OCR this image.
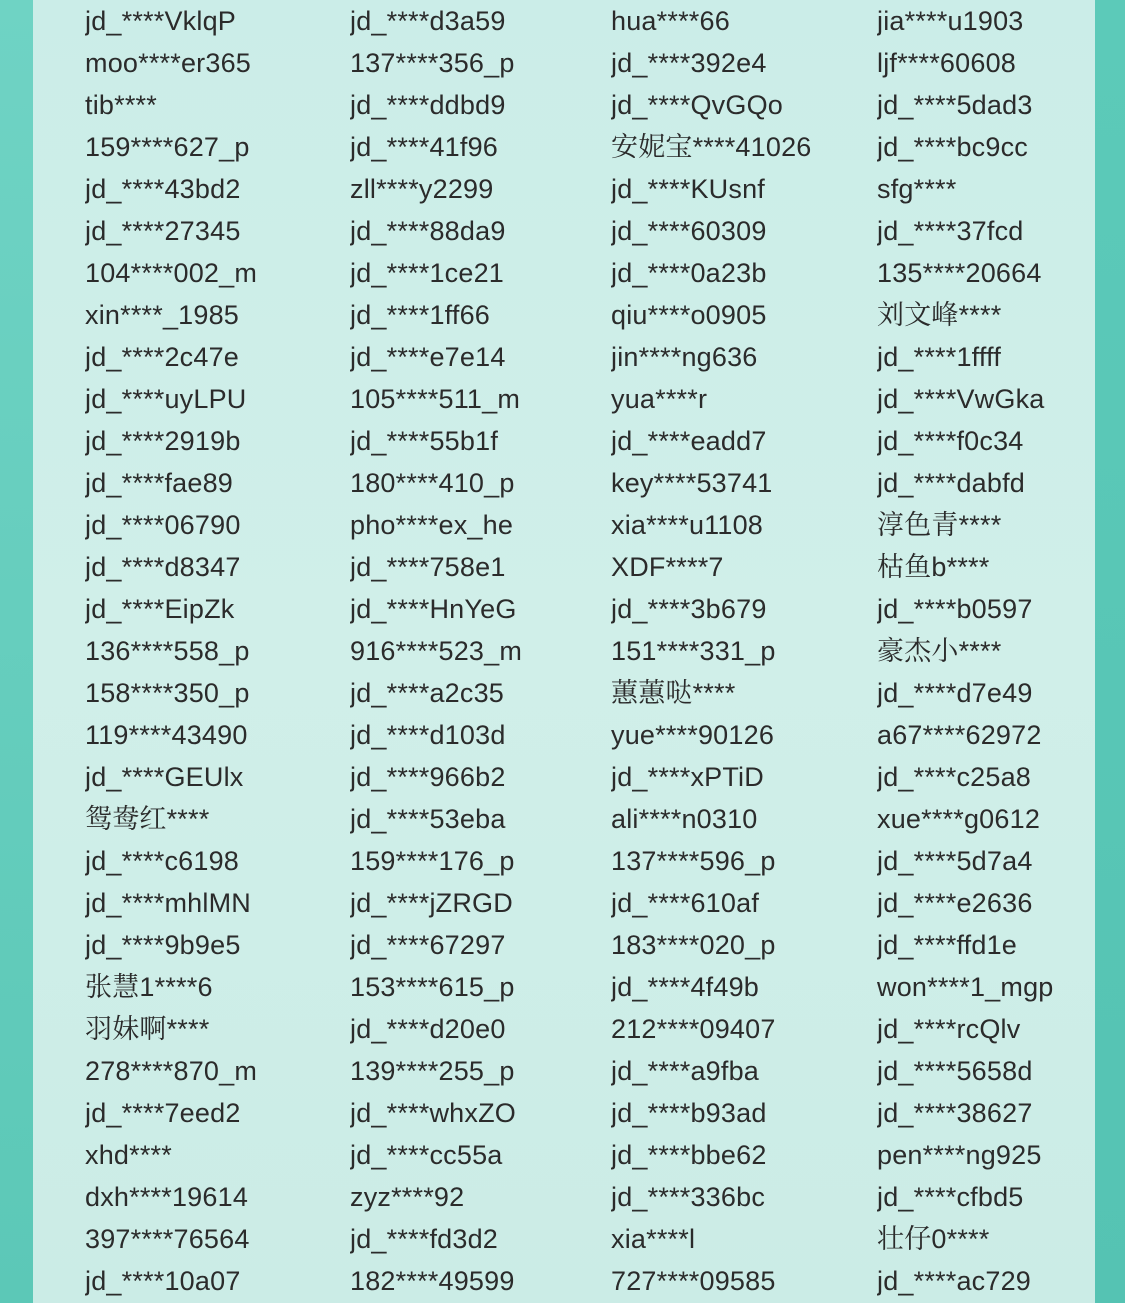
jd_****VklqP	jd_****d3a59	hua****66	jia****u1903
moo****er365	137****356_p	jd_****392e4	ljf****60608
tib****	jd_****ddbd9	jd_****QvGQo	jd_****5dad3
159****627_p	jd_****41f96	安妮宝****41026	jd_****bc9cc
jd_****43bd2	zll****y2299	jd_****KUsnf	sfg****
jd_****27345	jd_****88da9	jd_****60309	jd_****37fcd
104****002_m	jd_****1ce21	jd_****0a23b	135****20664
xin****_1985	jd_****1ff66	qiu****o0905	刘文峰****
jd_****2c47e	jd_****e7e14	jin****ng636	jd_****1ffff
jd_****uyLPU	105****511_m	yua****r	jd_****VwGka
jd_****2919b	jd_****55b1f	jd_****eadd7	jd_****f0c34
jd_****fae89	180****410_p	key****53741	jd_****dabfd
jd_****06790	pho****ex_he	xia****u1108	淳色青****
jd_****d8347	jd_****758e1	XDF****7	枯鱼b****
jd_****EipZk	jd_****HnYeG	jd_****3b679	jd_****b0597
136****558_p	916****523_m	151****331_p	豪杰小****
158****350_p	jd_****a2c35	蕙蕙哒****	jd_****d7e49
119****43490	jd_****d103d	yue****90126	a67****62972
jd_****GEUlx	jd_****966b2	jd_****xPTiD	jd_****c25a8
鸳鸯红****	jd_****53eba	ali****n0310	xue****g0612
jd_****c6198	159****176_p	137****596_p	jd_****5d7a4
jd_****mhlMN	jd_****jZRGD	jd_****610af	jd_****e2636
jd_****9b9e5	jd_****67297	183****020_p	jd_****ffd1e
张慧1****6	153****615_p	jd_****4f49b	won****1_mgp
羽妹啊****	jd_****d20e0	212****09407	jd_****rcQlv
278****870_m	139****255_p	jd_****a9fba	jd_****5658d
jd_****7eed2	jd_****whxZO	jd_****b93ad	jd_****38627
xhd****	jd_****cc55a	jd_****bbe62	pen****ng925
dxh****19614	zyz****92	jd_****336bc	jd_****cfbd5
397****76564	jd_****fd3d2	xia****l	壮仔0****
jd_****10a07	182****49599	727****09585	jd_****ac729
